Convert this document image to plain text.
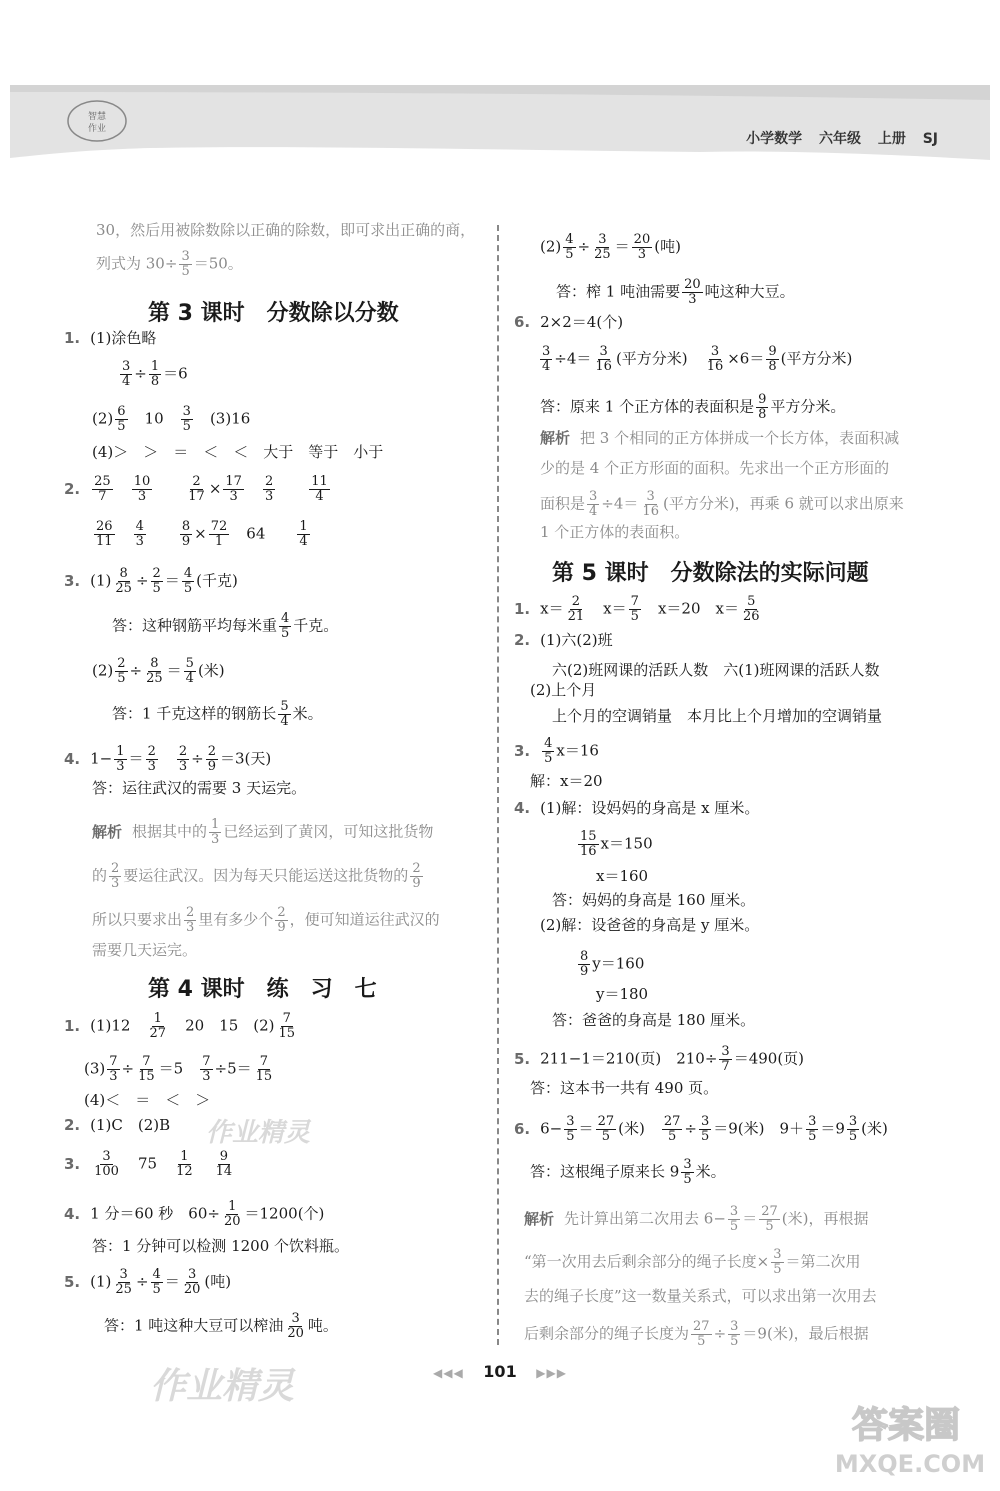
智慧
作业
小学数学 六年级 上册 SJ
30，然后用被除数除以正确的除数，即可求出正确的商，
列式为 $30\div \frac{3}{5} =50$。
第 3 课时　分数除以分数
1. (1)涂色略
$\frac{3}{4} \div \frac{1}{8} =6$
$(2) \frac{6}{5}$
　 10　 $\frac{3}{5}$
　 (3)16
(4)＞　＞　＝　＜　＜　大于　等于　小于
2. $\frac{25}{7}$
　 $\frac{10}{3}$
　　	$\frac{2}{17} \times \frac{17}{3}$
　 $\frac{2}{3}$
　　	$\frac{11}{4}$
$\frac{26}{11}$
　 $\frac{4}{3}$
　　	$\frac{8}{9} \times \frac{72}{1}$
　 64　　 $\frac{1}{4}$
3. $(1) \frac{8}{25} \div \frac{2}{5} = \frac{4}{5}$ (千克)
答：这种钢筋平均每米重 $\frac{4}{5}$ 千克。
$(2) \frac{2}{5} \div \frac{8}{25} = \frac{5}{4}$ (米)
答：1 千克这样的钢筋长 $\frac{5}{4}$ 米。
4. $1- \frac{1}{3} = \frac{2}{3}$
　 $\frac{2}{3} \div \frac{2}{9} =3$(天)
答：运往武汉的需要 3 天运完。
解析 根据其中的 $\frac{1}{3}$ 已经运到了黄冈，可知这批货物
的 $\frac{2}{3}$ 要运往武汉。因为每天只能运送这批货物的 $\frac{2}{9}$
所以只要求出 $\frac{2}{3}$ 里有多少个 $\frac{2}{9}$ ，便可知道运往武汉的
需要几天运完。
第 4 课时　练　习　七
1. (1)12　 $\frac{1}{27}$
　 20　15　$(2) \frac{7}{15}$
$(3) \frac{7}{3} \div \frac{7}{15} =5$　 $\frac{7}{3} \div 5= \frac{7}{15}$
(4)＜　＝　＜　＞
2. (1)C　(2)B
3. $\frac{3}{100}$
　 75　 $\frac{1}{12}$
　 $\frac{9}{14}$
4. 1 分＝60 秒　$60\div \frac{1}{20} =1200$(个)
答：1 分钟可以检测 1200 个饮料瓶。
5. $(1) \frac{3}{25} \div \frac{4}{5} = \frac{3}{20}$ (吨)
答：1 吨这种大豆可以榨油 $\frac{3}{20}$ 吨。
$(2) \frac{4}{5} \div \frac{3}{25} = \frac{20}{3}$ (吨)
答：榨 1 吨油需要 $\frac{20}{3}$ 吨这种大豆。
6. 2×2＝4(个)
$\frac{3}{4} \div 4= \frac{3}{16}$ (平方分米)　 $\frac{3}{16} \times 6= \frac{9}{8}$ (平方分米)
答：原来 1 个正方体的表面积是 $\frac{9}{8}$ 平方分米。
解析 把 3 个相同的正方体拼成一个长方体，表面积减
少的是 4 个正方形面的面积。先求出一个正方形面的
面积是 $\frac{3}{4} \div 4= \frac{3}{16}$ (平方分米)，再乘 6 就可以求出原来
1 个正方体的表面积。
第 5 课时　分数除法的实际问题
1. $x= \frac{2}{21}$
　 $x= \frac{7}{5}$
　 x＝20　 $x= \frac{5}{26}$
2. (1)六(2)班
六(2)班网课的活跃人数　六(1)班网课的活跃人数
(2)上个月
上个月的空调销量　本月比上个月增加的空调销量
3. $\frac{4}{5} x=16$
解：x＝20
4. (1)解：设妈妈的身高是 x 厘米。
$\frac{15}{16} x=150$
x＝160
答：妈妈的身高是 160 厘米。
(2)解：设爸爸的身高是 y 厘米。
$\frac{8}{9} y=160$
y＝180
答：爸爸的身高是 180 厘米。
5. 211−1＝210(页)　$210\div \frac{3}{7} =490$(页)
答：这本书一共有 490 页。
6. $6- \frac{3}{5} = \frac{27}{5}$ (米)　 $\frac{27}{5} \div \frac{3}{5} =9$(米)　 $9+ \frac{3}{5} =9 \frac{3}{5}$ (米)
答：这根绳子原来长 $9 \frac{3}{5}$ 米。
解析 先计算出第二次用去 $6- \frac{3}{5} = \frac{27}{5}$ (米)，再根据
“第一次用去后剩余部分的绳子长度× $\frac{3}{5}$ ＝第二次用
去的绳子长度”这一数量关系式，可以求出第一次用去
后剩余部分的绳子长度为 $\frac{27}{5} \div \frac{3}{5} =9$(米)，最后根据
作业精灵
作业精灵	◀◀◀ 101 ▶▶▶
答案圈
MXQE.COM
